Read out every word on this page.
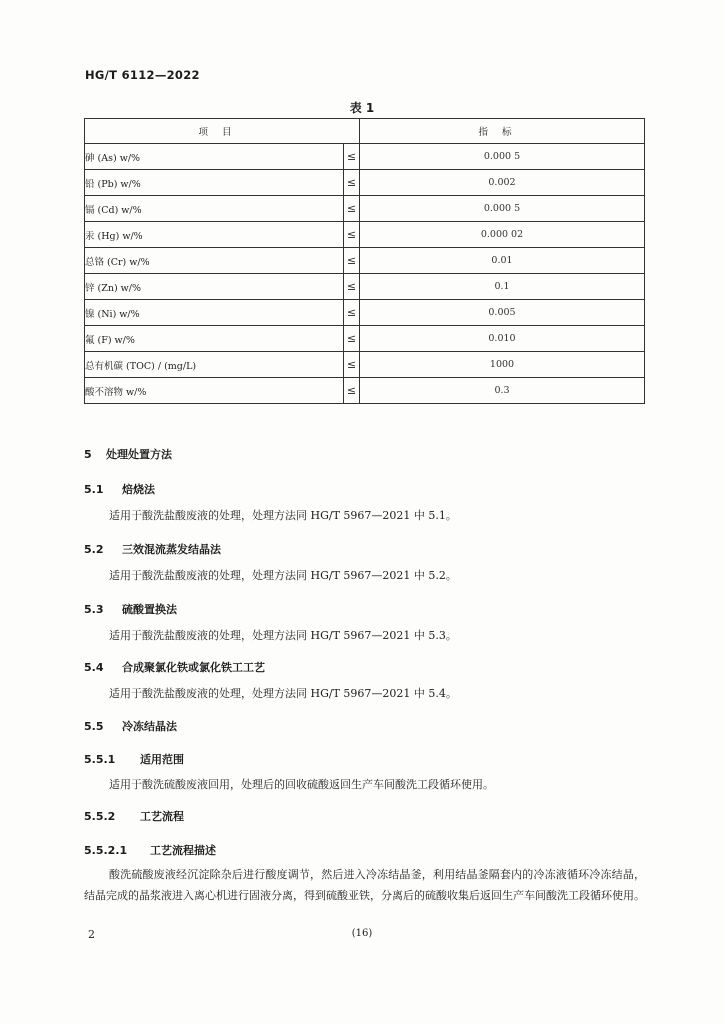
HG/T 6112—2022
表 1
项目		指标
砷 (As) w/%	≤	0.000 5
铅 (Pb) w/%	≤	0.002
镉 (Cd) w/%	≤	0.000 5
汞 (Hg) w/%	≤	0.000 02
总铬 (Cr) w/%	≤	0.01
锌 (Zn) w/%	≤	0.1
镍 (Ni) w/%	≤	0.005
氟 (F) w/%	≤	0.010
总有机碳 (TOC) / (mg/L)	≤	1000
酸不溶物 w/%	≤	0.3
5 处理处置方法
5.1 焙烧法
适用于酸洗盐酸废液的处理，处理方法同 HG/T 5967—2021 中 5.1。
5.2 三效混流蒸发结晶法
适用于酸洗盐酸废液的处理，处理方法同 HG/T 5967—2021 中 5.2。
5.3 硫酸置换法
适用于酸洗盐酸废液的处理，处理方法同 HG/T 5967—2021 中 5.3。
5.4 合成聚氯化铁或氯化铁工工艺
适用于酸洗盐酸废液的处理，处理方法同 HG/T 5967—2021 中 5.4。
5.5 冷冻结晶法
5.5.1 适用范围
适用于酸洗硫酸废液回用，处理后的回收硫酸返回生产车间酸洗工段循环使用。
5.5.2 工艺流程
5.5.2.1 工艺流程描述
酸洗硫酸废液经沉淀除杂后进行酸度调节，然后进入冷冻结晶釜，利用结晶釜隔套内的冷冻液循环冷冻结晶，结晶完成的晶浆液进入离心机进行固液分离，得到硫酸亚铁，分离后的硫酸收集后返回生产车间酸洗工段循环使用。
2	(16)
